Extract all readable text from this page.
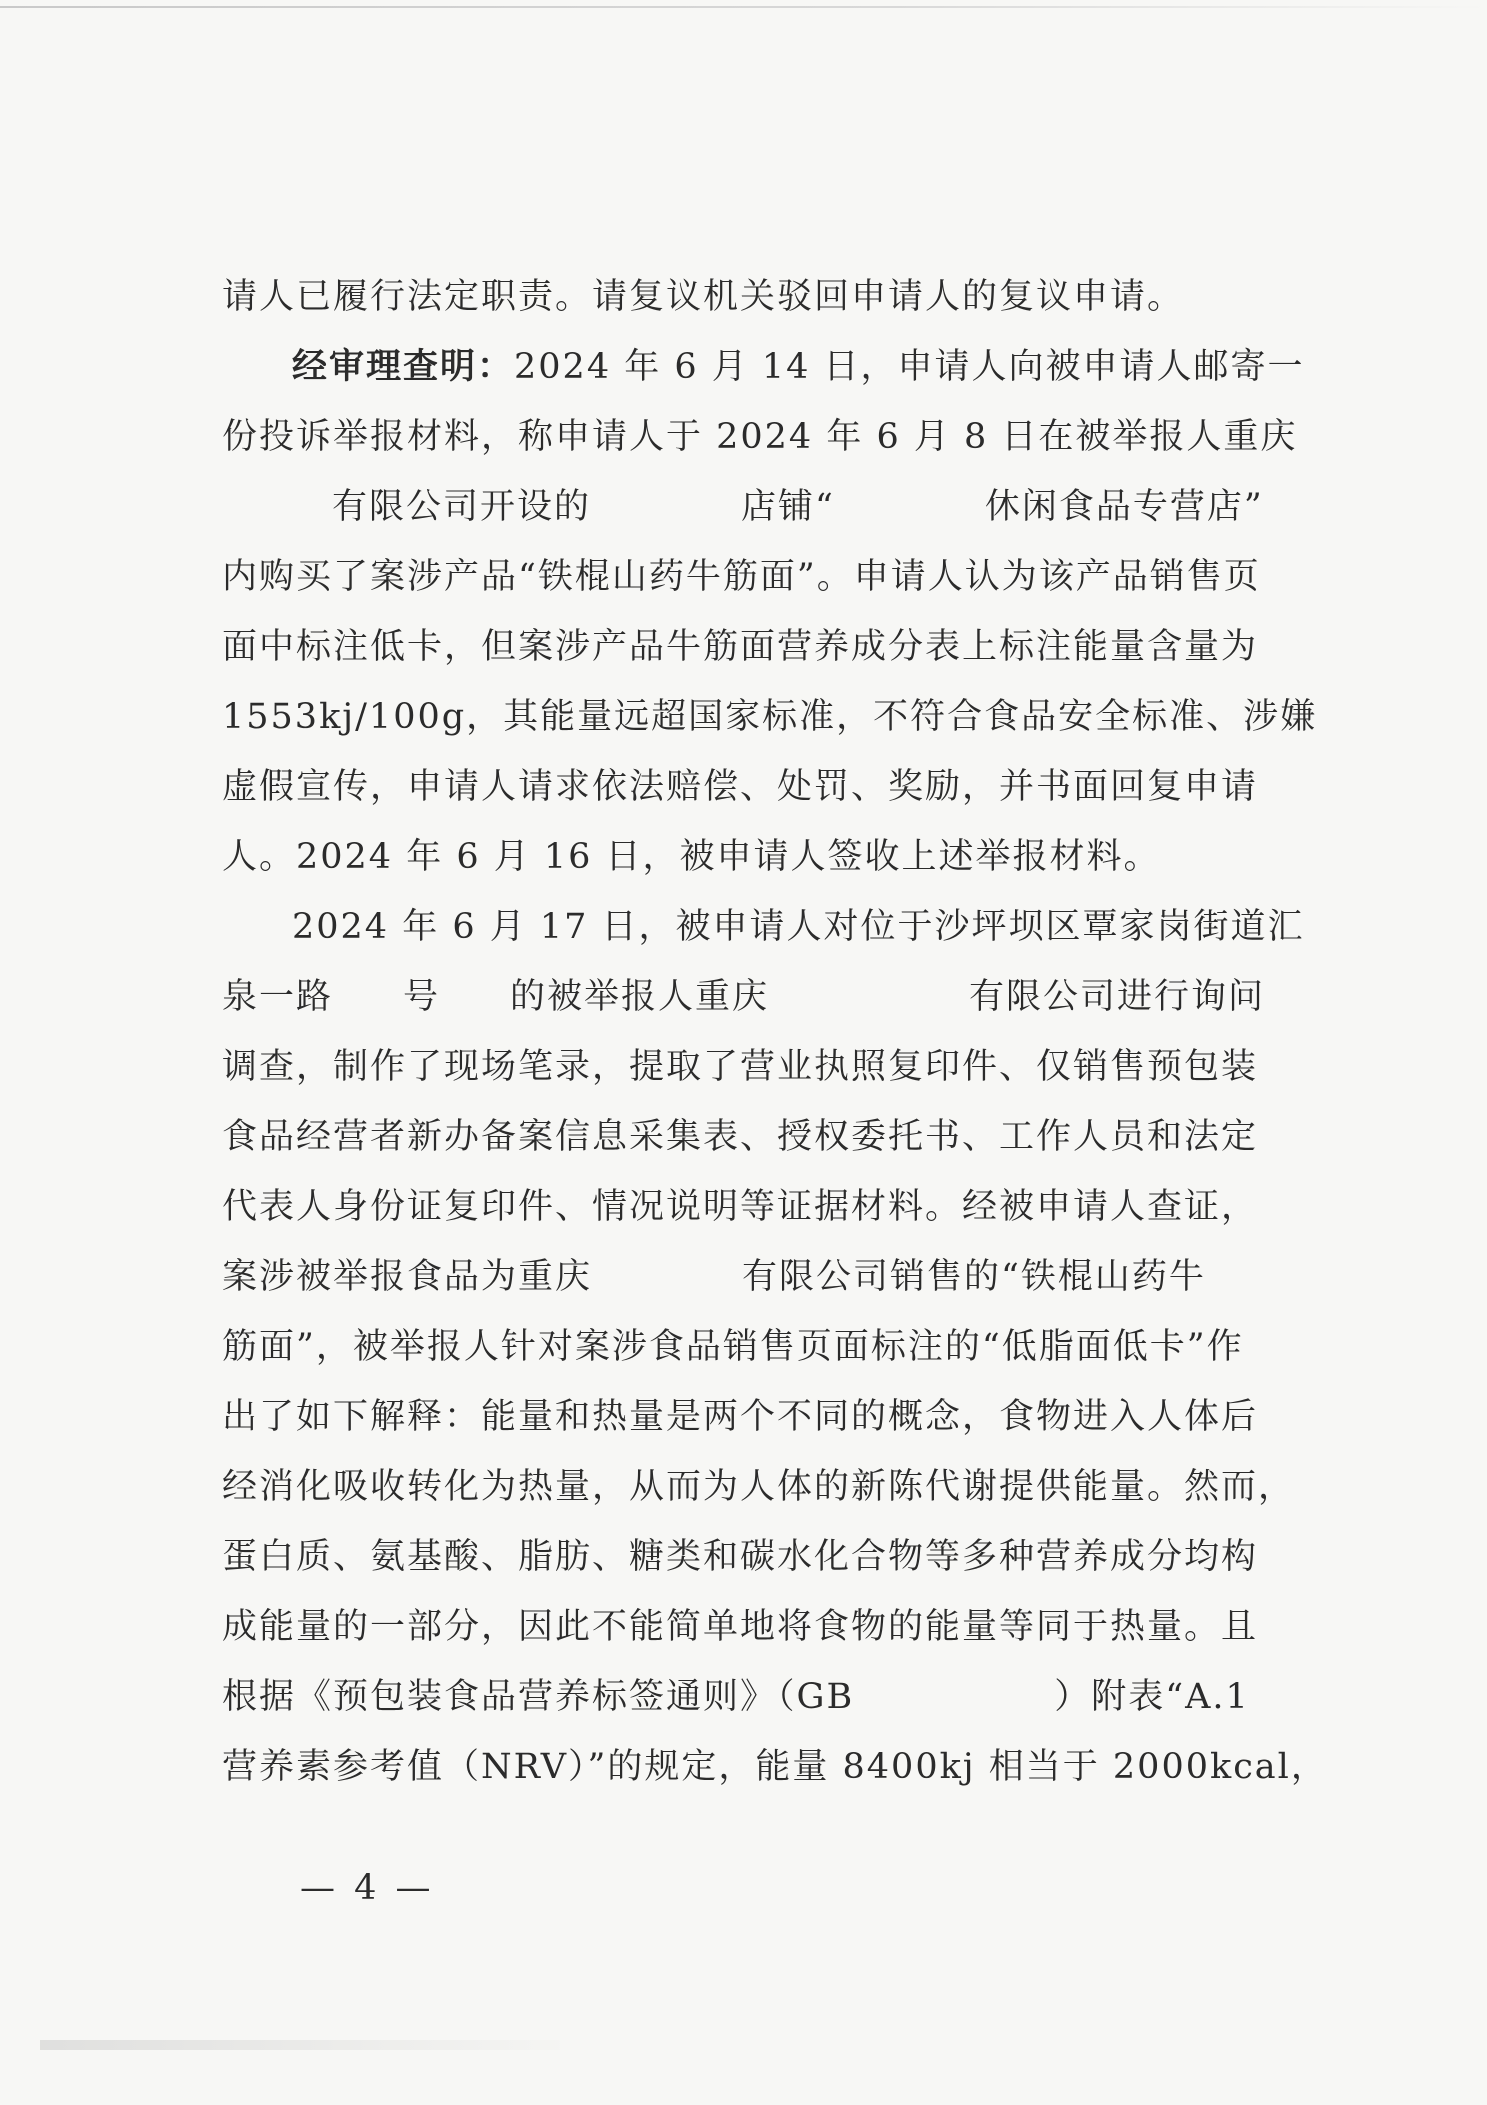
请人已履行法定职责。请复议机关驳回申请人的复议申请。
经审理查明：2024 年 6 月 14 日，申请人向被申请人邮寄一
份投诉举报材料，称申请人于 2024 年 6 月 8 日在被举报人重庆
有限公司开设的	店铺“	休闲食品专营店”
内购买了案涉产品“铁棍山药牛筋面”。申请人认为该产品销售页
面中标注低卡，但案涉产品牛筋面营养成分表上标注能量含量为
1553kj/100g，其能量远超国家标准，不符合食品安全标准、涉嫌
虚假宣传，申请人请求依法赔偿、处罚、奖励，并书面回复申请
人。2024 年 6 月 16 日，被申请人签收上述举报材料。
2024 年 6 月 17 日，被申请人对位于沙坪坝区覃家岗街道汇
泉一路 号 的被举报人重庆	有限公司进行询问
调查，制作了现场笔录，提取了营业执照复印件、仅销售预包装
食品经营者新办备案信息采集表、授权委托书、工作人员和法定
代表人身份证复印件、情况说明等证据材料。经被申请人查证，
案涉被举报食品为重庆	有限公司销售的“铁棍山药牛
筋面”，被举报人针对案涉食品销售页面标注的“低脂面低卡”作
出了如下解释：能量和热量是两个不同的概念，食物进入人体后
经消化吸收转化为热量，从而为人体的新陈代谢提供能量。然而，
蛋白质、氨基酸、脂肪、糖类和碳水化合物等多种营养成分均构
成能量的一部分，因此不能简单地将食物的能量等同于热量。且
根据《预包装食品营养标签通则》（GB	）附表“A.1
营养素参考值（NRV）”的规定，能量 8400kj 相当于 2000kcal，
— 4 —
